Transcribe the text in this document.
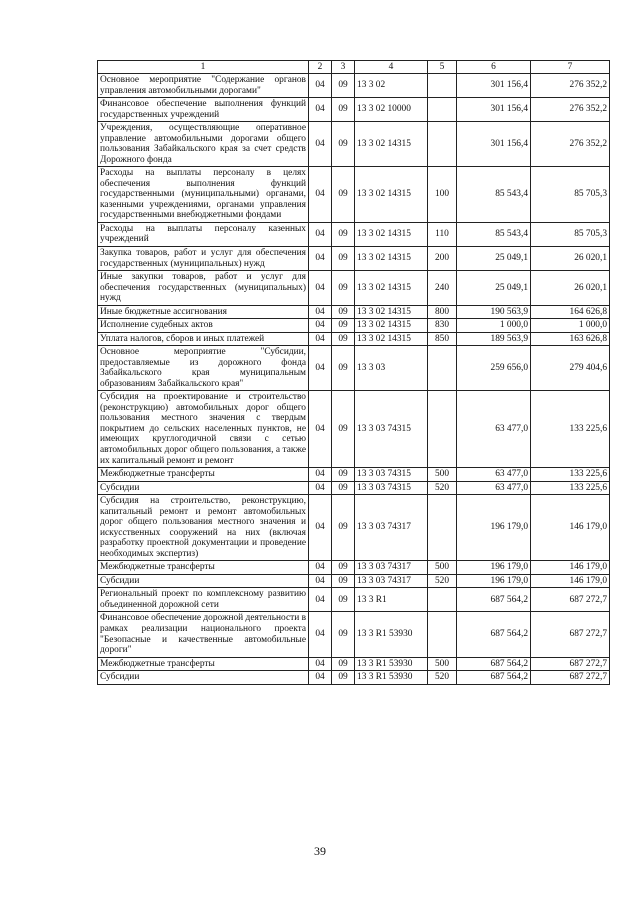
1	2	3	4	5	6	7
Основное мероприятие "Содержание органов управления автомобильными дорогами"	04	09	13 3 02		301 156,4	276 352,2
Финансовое обеспечение выполнения функций государственных учреждений	04	09	13 3 02 10000		301 156,4	276 352,2
Учреждения, осуществляющие оперативное управление автомобильными дорогами общего пользования Забайкальского края за счет средств Дорожного фонда	04	09	13 3 02 14315		301 156,4	276 352,2
Расходы на выплаты персоналу в целях обеспечения выполнения функций государственными (муниципальными) органами, казенными учреждениями, органами управления государственными внебюджетными фондами	04	09	13 3 02 14315	100	85 543,4	85 705,3
Расходы на выплаты персоналу казенных учреждений	04	09	13 3 02 14315	110	85 543,4	85 705,3
Закупка товаров, работ и услуг для обеспечения государственных (муниципальных) нужд	04	09	13 3 02 14315	200	25 049,1	26 020,1
Иные закупки товаров, работ и услуг для обеспечения государственных (муниципальных) нужд	04	09	13 3 02 14315	240	25 049,1	26 020,1
Иные бюджетные ассигнования	04	09	13 3 02 14315	800	190 563,9	164 626,8
Исполнение судебных актов	04	09	13 3 02 14315	830	1 000,0	1 000,0
Уплата налогов, сборов и иных платежей	04	09	13 3 02 14315	850	189 563,9	163 626,8
Основное мероприятие "Субсидии, предоставляемые из дорожного фонда Забайкальского края муниципальным образованиям Забайкальского края"	04	09	13 3 03		259 656,0	279 404,6
Субсидия на проектирование и строительство (реконструкцию) автомобильных дорог общего пользования местного значения с твердым покрытием до сельских населенных пунктов, не имеющих круглогодичной связи с сетью автомобильных дорог общего пользования, а также их капитальный ремонт и ремонт	04	09	13 3 03 74315		63 477,0	133 225,6
Межбюджетные трансферты	04	09	13 3 03 74315	500	63 477,0	133 225,6
Субсидии	04	09	13 3 03 74315	520	63 477,0	133 225,6
Субсидия на строительство, реконструкцию, капитальный ремонт и ремонт автомобильных дорог общего пользования местного значения и искусственных сооружений на них (включая разработку проектной документации и проведение необходимых экспертиз)	04	09	13 3 03 74317		196 179,0	146 179,0
Межбюджетные трансферты	04	09	13 3 03 74317	500	196 179,0	146 179,0
Субсидии	04	09	13 3 03 74317	520	196 179,0	146 179,0
Региональный проект по комплексному развитию объединенной дорожной сети	04	09	13 3 R1		687 564,2	687 272,7
Финансовое обеспечение дорожной деятельности в рамках реализации национального проекта "Безопасные и качественные автомобильные дороги"	04	09	13 3 R1 53930		687 564,2	687 272,7
Межбюджетные трансферты	04	09	13 3 R1 53930	500	687 564,2	687 272,7
Субсидии	04	09	13 3 R1 53930	520	687 564,2	687 272,7
39
